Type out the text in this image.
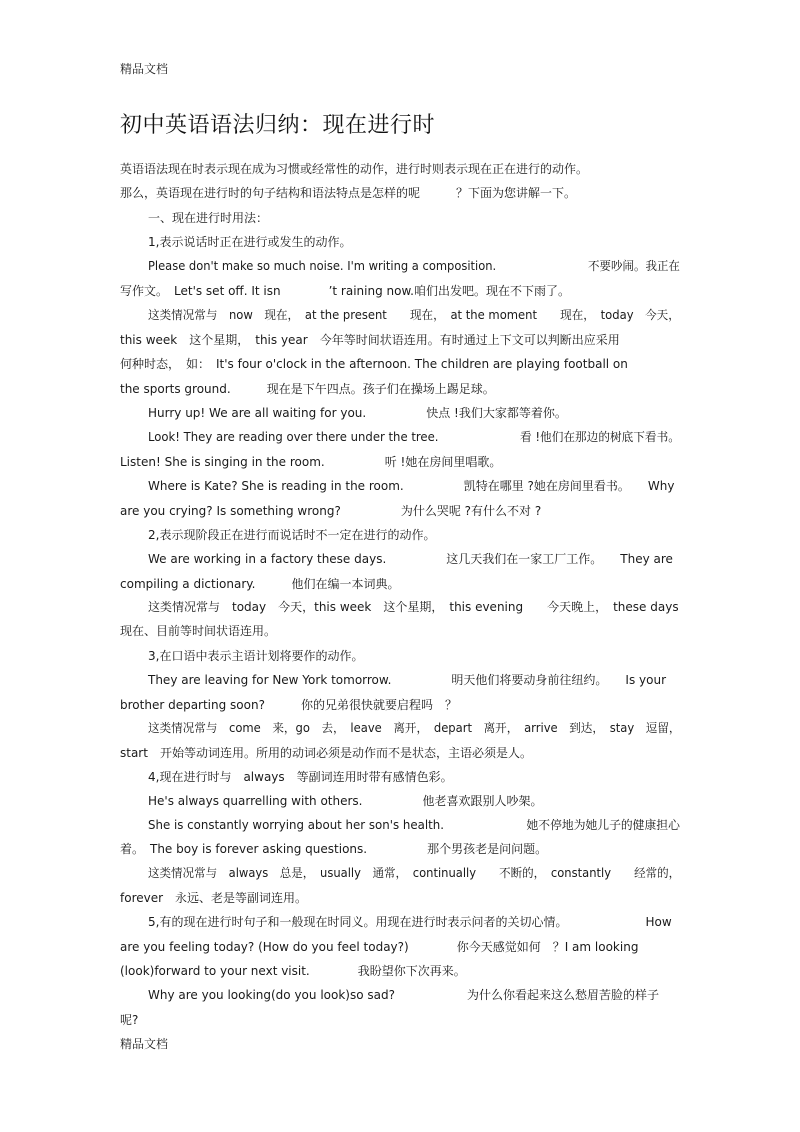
精品文档
初中英语语法归纳：现在进行时
英语语法现在时表示现在成为习惯或经常性的动作，进行时则表示现在正在进行的动作。
那么，英语现在进行时的句子结构和语法特点是怎样的呢　　　？下面为您讲解一下。
一、现在进行时用法：
1,表示说话时正在进行或发生的动作。
Please don't make so much noise. I'm writing a composition.　　　　　　　　不要吵闹。我正在
写作文。　Let's set off. It isn　　　　’t raining now.咱们出发吧。现在不下雨了。
这类情况常与　now　现在，　at the present　　现在，　at the moment　　现在，　today　今天，
this week　这个星期，　this year　今年等时间状语连用。有时通过上下文可以判断出应采用
何种时态，　如：　It's four o'clock in the afternoon. The children are playing football on
the sports ground.　　　现在是下午四点。孩子们在操场上踢足球。
Hurry up! We are all waiting for you.　　　　　快点 !我们大家都等着你。
Look! They are reading over there under the tree.　　　　　　　看 !他们在那边的树底下看书。
Listen! She is singing in the room.　　　　　听 !她在房间里唱歌。
Where is Kate? She is reading in the room.　　　　　凯特在哪里 ?她在房间里看书。　　Why
are you crying? Is something wrong?　　　　　为什么哭呢 ?有什么不对 ?
2,表示现阶段正在进行而说话时不一定在进行的动作。
We are working in a factory these days.　　　　　这几天我们在一家工厂工作。　　They are
compiling a dictionary.　　　他们在编一本词典。
这类情况常与　today　今天，this week　这个星期，　this evening　　今天晚上，　these days
现在、目前等时间状语连用。
3,在口语中表示主语计划将要作的动作。
They are leaving for New York tomorrow.　　　　　明天他们将要动身前往纽约。　　Is your
brother departing soon?　　　你的兄弟很快就要启程吗　？
这类情况常与　come　来，go　去，　leave　离开，　depart　离开，　arrive　到达，　stay　逗留，
start　开始等动词连用。所用的动词必须是动作而不是状态，主语必须是人。
4,现在进行时与　always　等副词连用时带有感情色彩。
He's always quarrelling with others.　　　　　他老喜欢跟别人吵架。
She is constantly worrying about her son's health.　　　　　　　她不停地为她儿子的健康担心
着。　The boy is forever asking questions.　　　　　那个男孩老是问问题。
这类情况常与　always　总是，　usually　通常，　continually　　不断的，　constantly　　经常的，
forever　永远、老是等副词连用。
5,有的现在进行时句子和一般现在时同义。用现在进行时表示问者的关切心情。　　　　　　　How
are you feeling today? (How do you feel today?)　　　　你今天感觉如何　？I am looking
(look)forward to your next visit.　　　　我盼望你下次再来。
Why are you looking(do you look)so sad?　　　　　　为什么你看起来这么愁眉苦脸的样子
呢?
精品文档
